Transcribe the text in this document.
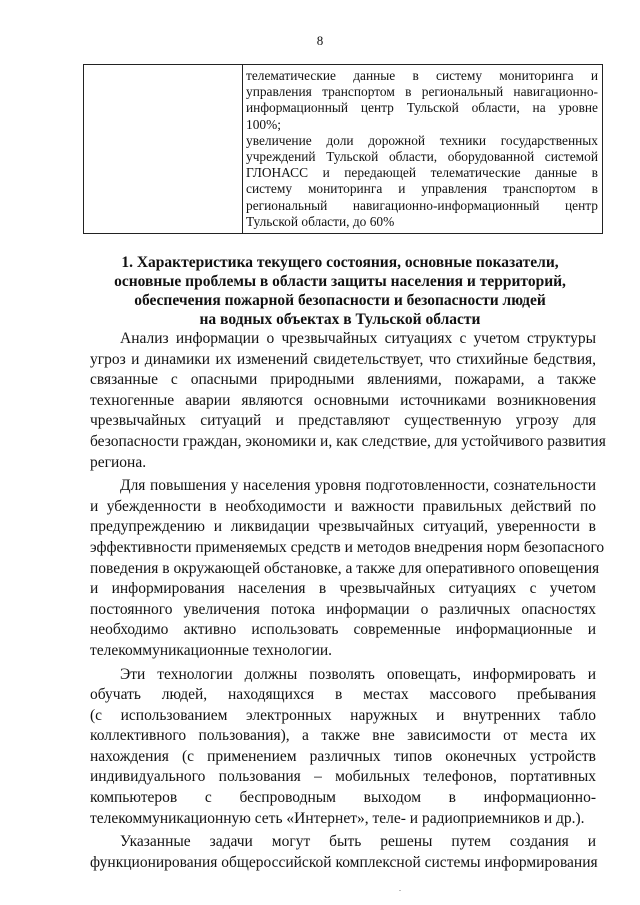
8
телематические данные в систему мониторинга и
управления транспортом в региональный навигационно-
информационный центр Тульской области, на уровне
100%;
увеличение доли дорожной техники государственных
учреждений Тульской области, оборудованной системой
ГЛОНАСС и передающей телематические данные в
систему мониторинга и управления транспортом в
региональный навигационно-информационный центр
Тульской области, до 60%
1. Характеристика текущего состояния, основные показатели,
основные проблемы в области защиты населения и территорий,
обеспечения пожарной безопасности и безопасности людей
на водных объектах в Тульской области
Анализ информации о чрезвычайных ситуациях с учетом структуры
угроз и динамики их изменений свидетельствует, что стихийные бедствия,
связанные с опасными природными явлениями, пожарами, а также
техногенные аварии являются основными источниками возникновения
чрезвычайных ситуаций и представляют существенную угрозу для
безопасности граждан, экономики и, как следствие, для устойчивого развития
региона.
Для повышения у населения уровня подготовленности, сознательности
и убежденности в необходимости и важности правильных действий по
предупреждению и ликвидации чрезвычайных ситуаций, уверенности в
эффективности применяемых средств и методов внедрения норм безопасного
поведения в окружающей обстановке, а также для оперативного оповещения
и информирования населения в чрезвычайных ситуациях с учетом
постоянного увеличения потока информации о различных опасностях
необходимо активно использовать современные информационные и
телекоммуникационные технологии.
Эти технологии должны позволять оповещать, информировать и
обучать людей, находящихся в местах массового пребывания
(с использованием электронных наружных и внутренних табло
коллективного пользования), а также вне зависимости от места их
нахождения (с применением различных типов оконечных устройств
индивидуального пользования – мобильных телефонов, портативных
компьютеров с беспроводным выходом в информационно-
телекоммуникационную сеть «Интернет», теле- и радиоприемников и др.).
Указанные задачи могут быть решены путем создания и
функционирования общероссийской комплексной системы информирования
.
